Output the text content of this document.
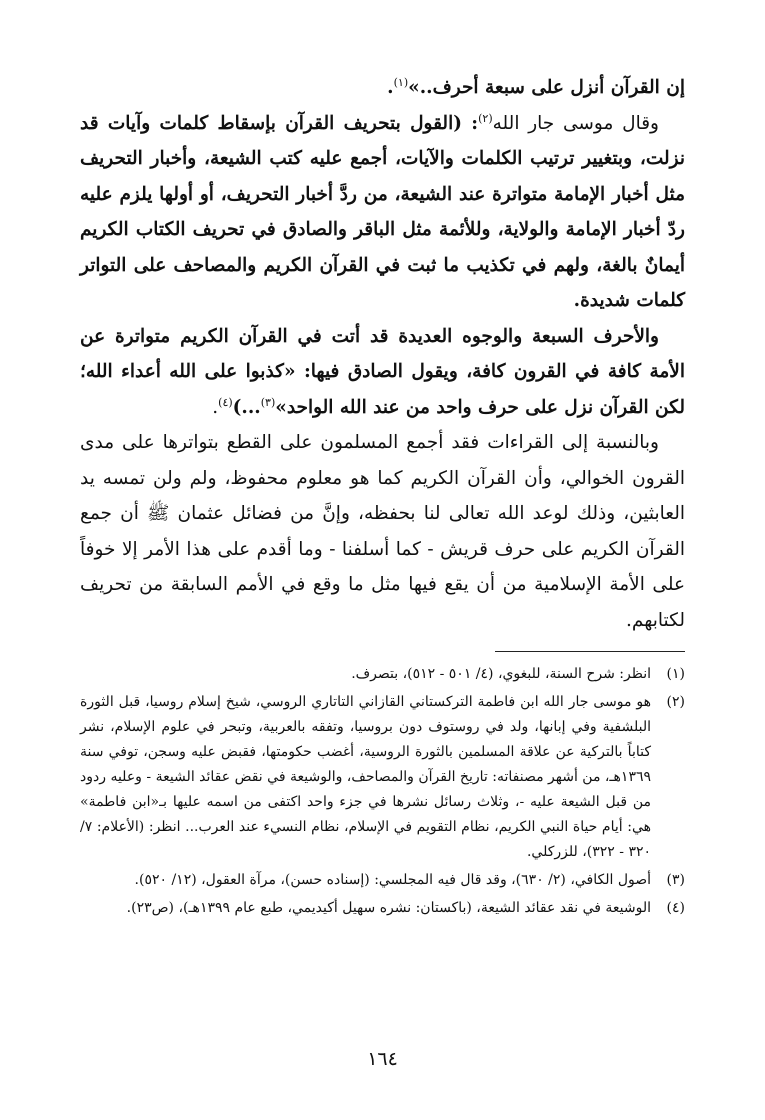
إن القرآن أنزل على سبعة أحرف..»$^{(١)}$.

وقال موسى جار الله$^{(٢)}$: (القول بتحريف القرآن بإسقاط كلمات وآيات قد نزلت، وبتغيير ترتيب الكلمات والآيات، أجمع عليه كتب الشيعة، وأخبار التحريف مثل أخبار الإمامة متواترة عند الشيعة، من ردَّ أخبار التحريف، أو أولها يلزم عليه ردّ أخبار الإمامة والولاية، وللأئمة مثل الباقر والصادق في تحريف الكتاب الكريم أيمانٌ بالغة، ولهم في تكذيب ما ثبت في القرآن الكريم والمصاحف على التواتر كلمات شديدة.

والأحرف السبعة والوجوه العديدة قد أتت في القرآن الكريم متواترة عن الأمة كافة في القرون كافة، ويقول الصادق فيها: «كذبوا على الله أعداء الله؛ لكن القرآن نزل على حرف واحد من عند الله الواحد»$^{(٣)}$...)$^{(٤)}$.

وبالنسبة إلى القراءات فقد أجمع المسلمون على القطع بتواترها على مدى القرون الخوالي، وأن القرآن الكريم كما هو معلوم محفوظ، ولم ولن تمسه يد العابثين، وذلك لوعد الله تعالى لنا بحفظه، وإنَّ من فضائل عثمان ﷺ أن جمع القرآن الكريم على حرف قريش - كما أسلفنا - وما أقدم على هذا الأمر إلا خوفاً على الأمة الإسلامية من أن يقع فيها مثل ما وقع في الأمم السابقة من تحريف لكتابهم.

(١)
انظر: شرح السنة، للبغوي، (٤/ ٥٠١ - ٥١٢)، بتصرف.
(٢)
هو موسى جار الله ابن فاطمة التركستاني القازاني التاتاري الروسي، شيخ إسلام روسيا، قبل الثورة البلشفية وفي إبانها، ولد في روستوف دون بروسيا، وتفقه بالعربية، وتبحر في علوم الإسلام، نشر كتاباً بالتركية عن علاقة المسلمين بالثورة الروسية، أغضب حكومتها، فقبض عليه وسجن، توفي سنة ١٣٦٩هـ، من أشهر مصنفاته: تاريخ القرآن والمصاحف، والوشيعة في نقض عقائد الشيعة - وعليه ردود من قبل الشيعة عليه -، وثلاث رسائل نشرها في جزء واحد اكتفى من اسمه عليها بـ«ابن فاطمة» هي: أيام حياة النبي الكريم، نظام التقويم في الإسلام، نظام النسيء عند العرب... انظر: (الأعلام: ٧/ ٣٢٠ - ٣٢٢)، للزركلي.
(٣)
أصول الكافي، (٢/ ٦٣٠)، وقد قال فيه المجلسي: (إسناده حسن)، مرآة العقول، (١٢/ ٥٢٠).
(٤)
الوشيعة في نقد عقائد الشيعة، (باكستان: نشره سهيل أكيديمي، طبع عام ١٣٩٩هـ)، (ص٢٣).
١٦٤
